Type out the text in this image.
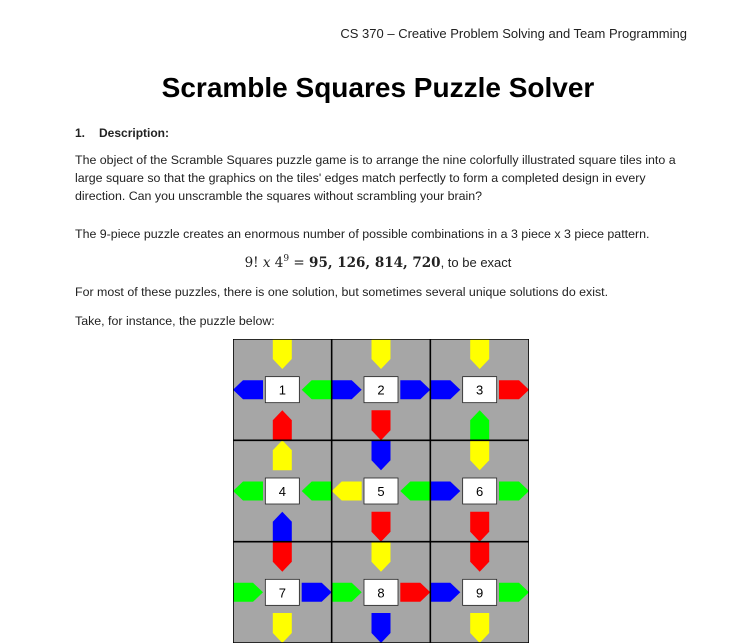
CS 370 – Creative Problem Solving and Team Programming
Scramble Squares Puzzle Solver
1. Description:

The object of the Scramble Squares puzzle game is to arrange the nine colorfully illustrated square tiles into a large square so that the graphics on the tiles' edges match perfectly to form a completed design in every direction. Can you unscramble the squares without scrambling your brain?

The 9-piece puzzle creates an enormous number of possible combinations in a 3 piece x 3 piece pattern.

9! x $4^9 = 95$, 126, 814, 720, to be exact

For most of these puzzles, there is one solution, but sometimes several unique solutions do exist.

Take, for instance, the puzzle below:

1	2	3
4	5	6
7	8	9
